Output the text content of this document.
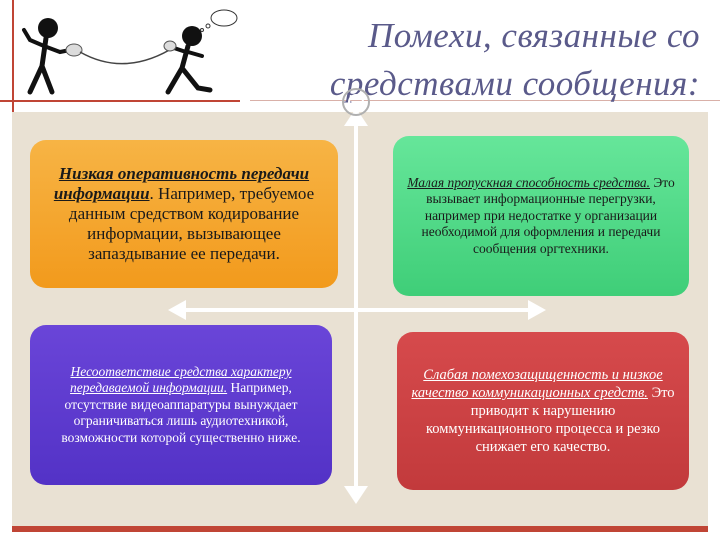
Помехи, связанные со
средствами сообщения:
Низкая оперативность передачи информации. Например, требуемое данным средством кодирование информации, вызывающее запаздывание ее передачи.
Малая пропускная способность средства. Это вызывает информационные перегрузки, например при недостатке у организации необходимой для оформления и передачи сообщения оргтехники.
Несоответствие средства характеру передаваемой информации. Например, отсутствие видеоаппаратуры вынуждает ограничиваться лишь аудиотехникой, возможности которой существенно ниже.
Слабая помехозащищенность и низкое качество коммуникационных средств. Это приводит к нарушению коммуникационного процесса и резко снижает его качество.
